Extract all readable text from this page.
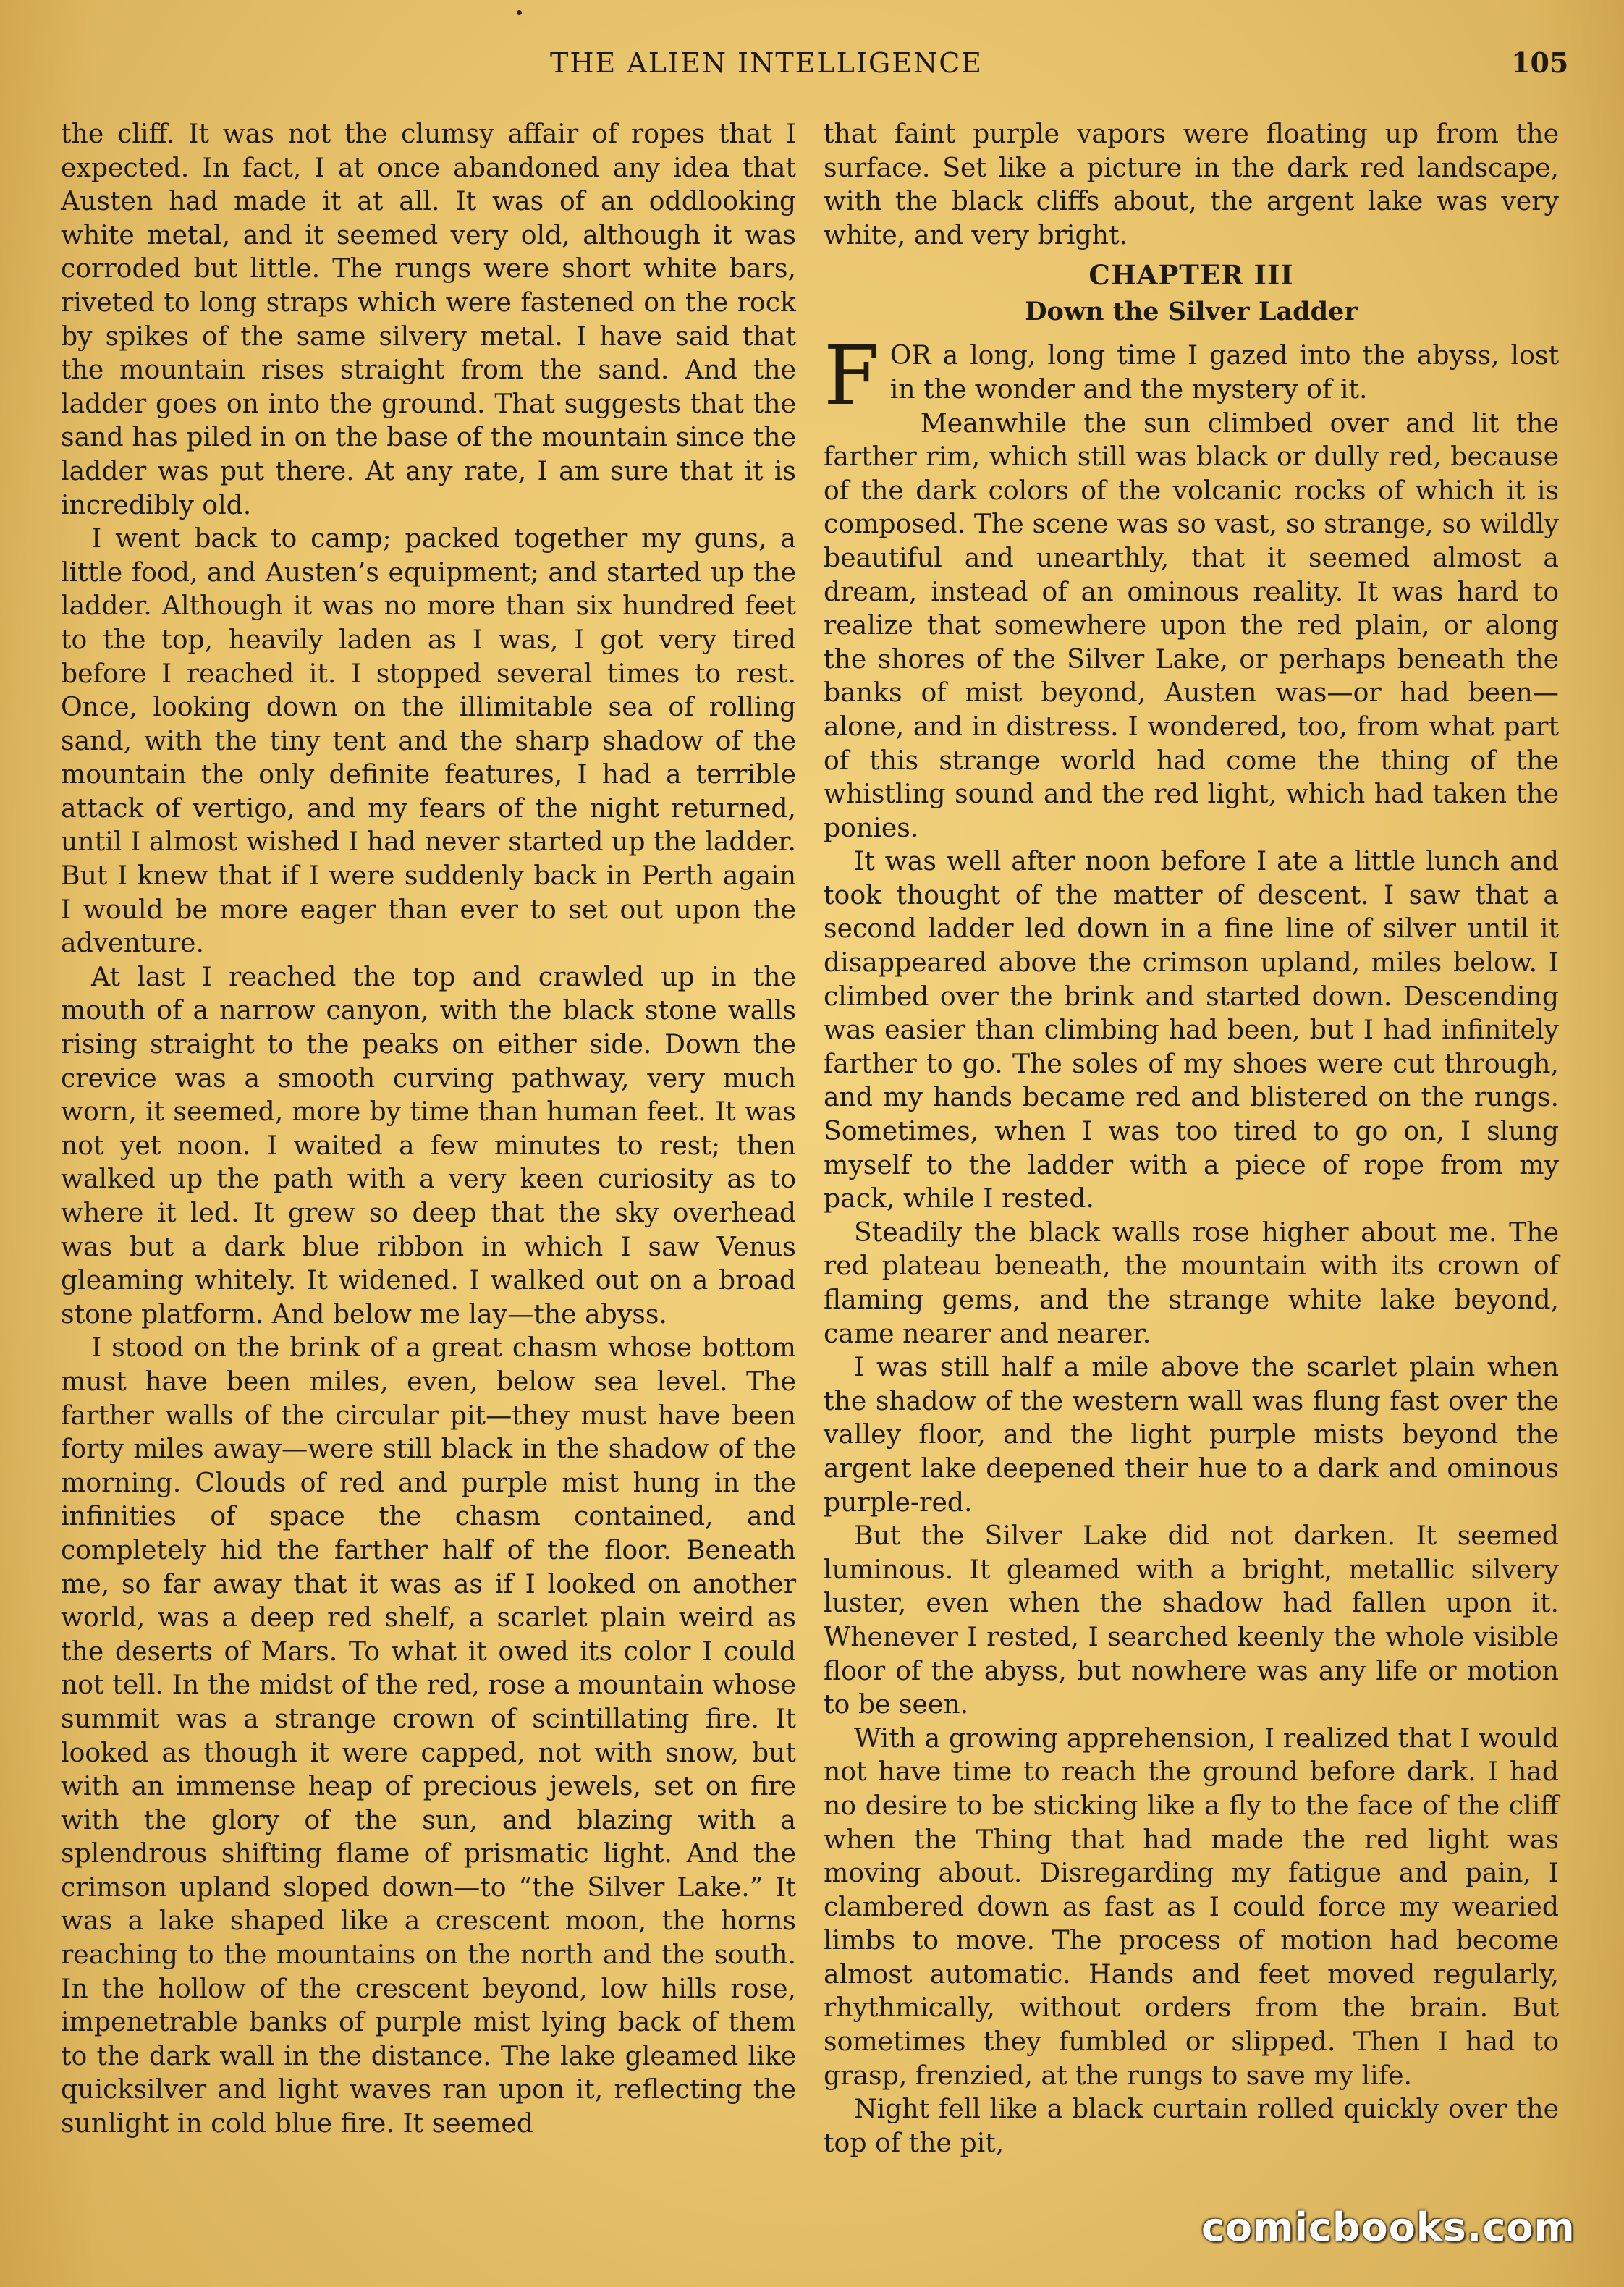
THE ALIEN INTELLIGENCE	105

the cliff. It was not the clumsy affair of ropes that I expected. In fact, I at once abandoned any idea that Austen had made it at all. It was of an oddlooking white metal, and it seemed very old, although it was corroded but little. The rungs were short white bars, riveted to long straps which were fastened on the rock by spikes of the same silvery metal. I have said that the mountain rises straight from the sand. And the ladder goes on into the ground. That suggests that the sand has piled in on the base of the mountain since the ladder was put there. At any rate, I am sure that it is incredibly old.

I went back to camp; packed together my guns, a little food, and Austen’s equipment; and started up the ladder. Although it was no more than six hundred feet to the top, heavily laden as I was, I got very tired before I reached it. I stopped several times to rest. Once, looking down on the illimitable sea of rolling sand, with the tiny tent and the sharp shadow of the mountain the only definite features, I had a terrible attack of vertigo, and my fears of the night returned, until I almost wished I had never started up the ladder. But I knew that if I were suddenly back in Perth again I would be more eager than ever to set out upon the adventure.

At last I reached the top and crawled up in the mouth of a narrow canyon, with the black stone walls rising straight to the peaks on either side. Down the crevice was a smooth curving pathway, very much worn, it seemed, more by time than human feet. It was not yet noon. I waited a few minutes to rest; then walked up the path with a very keen curiosity as to where it led. It grew so deep that the sky overhead was but a dark blue ribbon in which I saw Venus gleaming whitely. It widened. I walked out on a broad stone platform. And below me lay—the abyss.

I stood on the brink of a great chasm whose bottom must have been miles, even, below sea level. The farther walls of the circular pit—they must have been forty miles away—were still black in the shadow of the morning. Clouds of red and purple mist hung in the infinities of space the chasm contained, and completely hid the farther half of the floor. Beneath me, so far away that it was as if I looked on another world, was a deep red shelf, a scarlet plain weird as the deserts of Mars. To what it owed its color I could not tell. In the midst of the red, rose a mountain whose summit was a strange crown of scintillating fire. It looked as though it were capped, not with snow, but with an immense heap of precious jewels, set on fire with the glory of the sun, and blazing with a splendrous shifting flame of prismatic light. And the crimson upland sloped down—to “the Silver Lake.” It was a lake shaped like a crescent moon, the horns reaching to the mountains on the north and the south. In the hollow of the crescent beyond, low hills rose, impenetrable banks of purple mist lying back of them to the dark wall in the distance. The lake gleamed like quicksilver and light waves ran upon it, reflecting the sunlight in cold blue fire. It seemed

that faint purple vapors were floating up from the surface. Set like a picture in the dark red landscape, with the black cliffs about, the argent lake was very white, and very bright.

CHAPTER III
Down the Silver Ladder

FOR a long, long time I gazed into the abyss, lost in the wonder and the mystery of it.

Meanwhile the sun climbed over and lit the farther rim, which still was black or dully red, because of the dark colors of the volcanic rocks of which it is composed. The scene was so vast, so strange, so wildly beautiful and unearthly, that it seemed almost a dream, instead of an ominous reality. It was hard to realize that somewhere upon the red plain, or along the shores of the Silver Lake, or perhaps beneath the banks of mist beyond, Austen was—or had been—alone, and in distress. I wondered, too, from what part of this strange world had come the thing of the whistling sound and the red light, which had taken the ponies.

It was well after noon before I ate a little lunch and took thought of the matter of descent. I saw that a second ladder led down in a fine line of silver until it disappeared above the crimson upland, miles below. I climbed over the brink and started down. Descending was easier than climbing had been, but I had infinitely farther to go. The soles of my shoes were cut through, and my hands became red and blistered on the rungs. Sometimes, when I was too tired to go on, I slung myself to the ladder with a piece of rope from my pack, while I rested.

Steadily the black walls rose higher about me. The red plateau beneath, the mountain with its crown of flaming gems, and the strange white lake beyond, came nearer and nearer.

I was still half a mile above the scarlet plain when the shadow of the western wall was flung fast over the valley floor, and the light purple mists beyond the argent lake deepened their hue to a dark and ominous purple-red.

But the Silver Lake did not darken. It seemed luminous. It gleamed with a bright, metallic silvery luster, even when the shadow had fallen upon it. Whenever I rested, I searched keenly the whole visible floor of the abyss, but nowhere was any life or motion to be seen.

With a growing apprehension, I realized that I would not have time to reach the ground before dark. I had no desire to be sticking like a fly to the face of the cliff when the Thing that had made the red light was moving about. Disregarding my fatigue and pain, I clambered down as fast as I could force my wearied limbs to move. The process of motion had become almost automatic. Hands and feet moved regularly, rhythmically, without orders from the brain. But sometimes they fumbled or slipped. Then I had to grasp, frenzied, at the rungs to save my life.

Night fell like a black curtain rolled quickly over the top of the pit,

comicbooks.com
